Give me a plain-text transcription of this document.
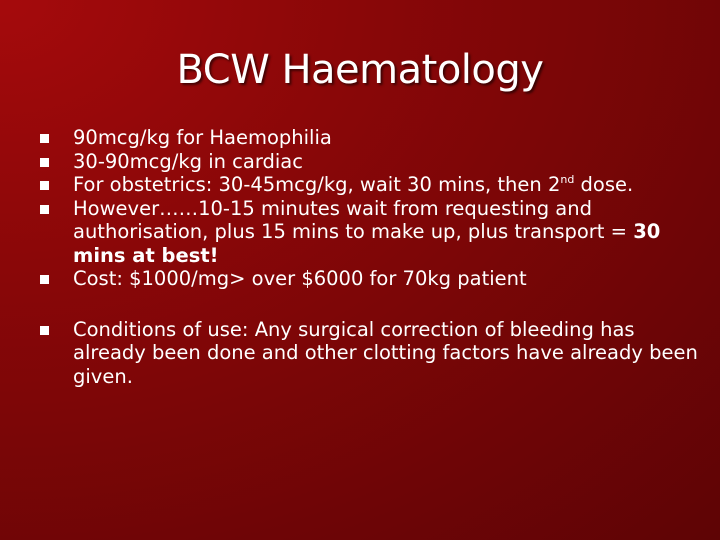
BCW Haematology
90mcg/kg for Haemophilia
30-90mcg/kg in cardiac
For obstetrics: 30-45mcg/kg, wait 30 mins, then 2nd dose.
However……10-15 minutes wait from requesting and authorisation, plus 15 mins to make up, plus transport = 30 mins at best!
Cost: $1000/mg> over $6000 for 70kg patient
Conditions of use: Any surgical correction of bleeding has already been done and other clotting factors have already been given.
